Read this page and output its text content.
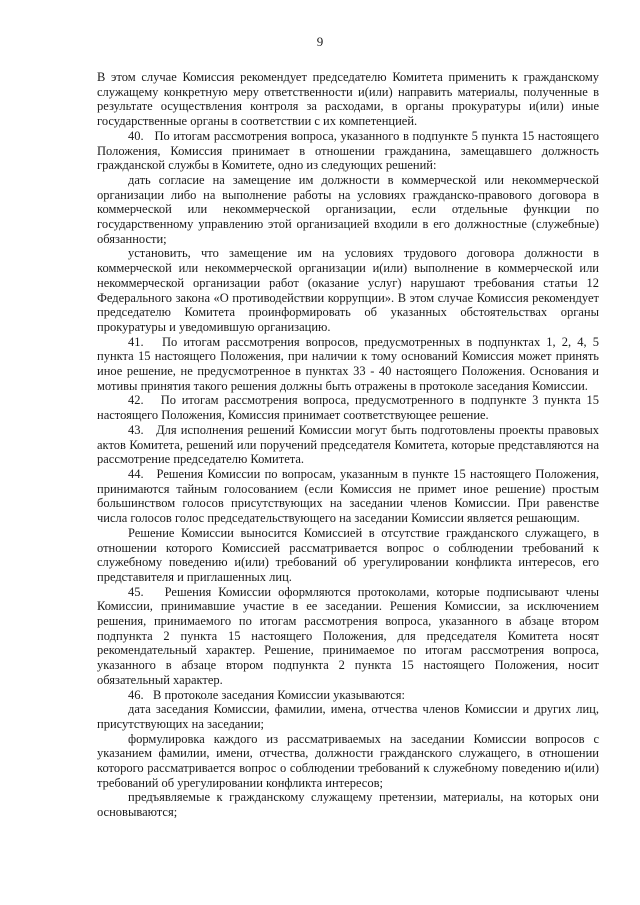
9

В этом случае Комиссия рекомендует председателю Комитета применить к гражданскому служащему конкретную меру ответственности и(или) направить материалы, полученные в результате осуществления контроля за расходами, в органы прокуратуры и(или) иные государственные органы в соответствии с их компетенцией.

40.   По итогам рассмотрения вопроса, указанного в подпункте 5 пункта 15 настоящего Положения, Комиссия принимает в отношении гражданина, замещавшего должность гражданской службы в Комитете, одно из следующих решений:

дать согласие на замещение им должности в коммерческой или некоммерческой организации либо на выполнение работы на условиях гражданско-правового договора в коммерческой или некоммерческой организации, если отдельные функции по государственному управлению этой организацией входили в его должностные (служебные) обязанности;

установить, что замещение им на условиях трудового договора должности в коммерческой или некоммерческой организации и(или) выполнение в коммерческой или некоммерческой организации работ (оказание услуг) нарушают требования статьи 12 Федерального закона «О противодействии коррупции». В этом случае Комиссия рекомендует председателю Комитета проинформировать об указанных обстоятельствах органы прокуратуры и уведомившую организацию.

41.   По итогам рассмотрения вопросов, предусмотренных в подпунктах 1, 2, 4, 5 пункта 15 настоящего Положения, при наличии к тому оснований Комиссия может принять иное решение, не предусмотренное в пунктах 33 - 40 настоящего Положения. Основания и мотивы принятия такого решения должны быть отражены в протоколе заседания Комиссии.

42.   По итогам рассмотрения вопроса, предусмотренного в подпункте 3 пункта 15 настоящего Положения, Комиссия принимает соответствующее решение.

43.   Для исполнения решений Комиссии могут быть подготовлены проекты правовых актов Комитета, решений или поручений председателя Комитета, которые представляются на рассмотрение председателю Комитета.

44.   Решения Комиссии по вопросам, указанным в пункте 15 настоящего Положения, принимаются тайным голосованием (если Комиссия не примет иное решение) простым большинством голосов присутствующих на заседании членов Комиссии. При равенстве числа голосов голос председательствующего на заседании Комиссии является решающим.

Решение Комиссии выносится Комиссией в отсутствие гражданского служащего, в отношении которого Комиссией рассматривается вопрос о соблюдении требований к служебному поведению и(или) требований об урегулировании конфликта интересов, его представителя и приглашенных лиц.

45.   Решения Комиссии оформляются протоколами, которые подписывают члены Комиссии, принимавшие участие в ее заседании. Решения Комиссии, за исключением решения, принимаемого по итогам рассмотрения вопроса, указанного в абзаце втором подпункта 2 пункта 15 настоящего Положения, для председателя Комитета носят рекомендательный характер. Решение, принимаемое по итогам рассмотрения вопроса, указанного в абзаце втором подпункта 2 пункта 15 настоящего Положения, носит обязательный характер.

46.   В протоколе заседания Комиссии указываются:

дата заседания Комиссии, фамилии, имена, отчества членов Комиссии и других лиц, присутствующих на заседании;

формулировка каждого из рассматриваемых на заседании Комиссии вопросов с указанием фамилии, имени, отчества, должности гражданского служащего, в отношении которого рассматривается вопрос о соблюдении требований к служебному поведению и(или) требований об урегулировании конфликта интересов;

предъявляемые к гражданскому служащему претензии, материалы, на которых они основываются;
